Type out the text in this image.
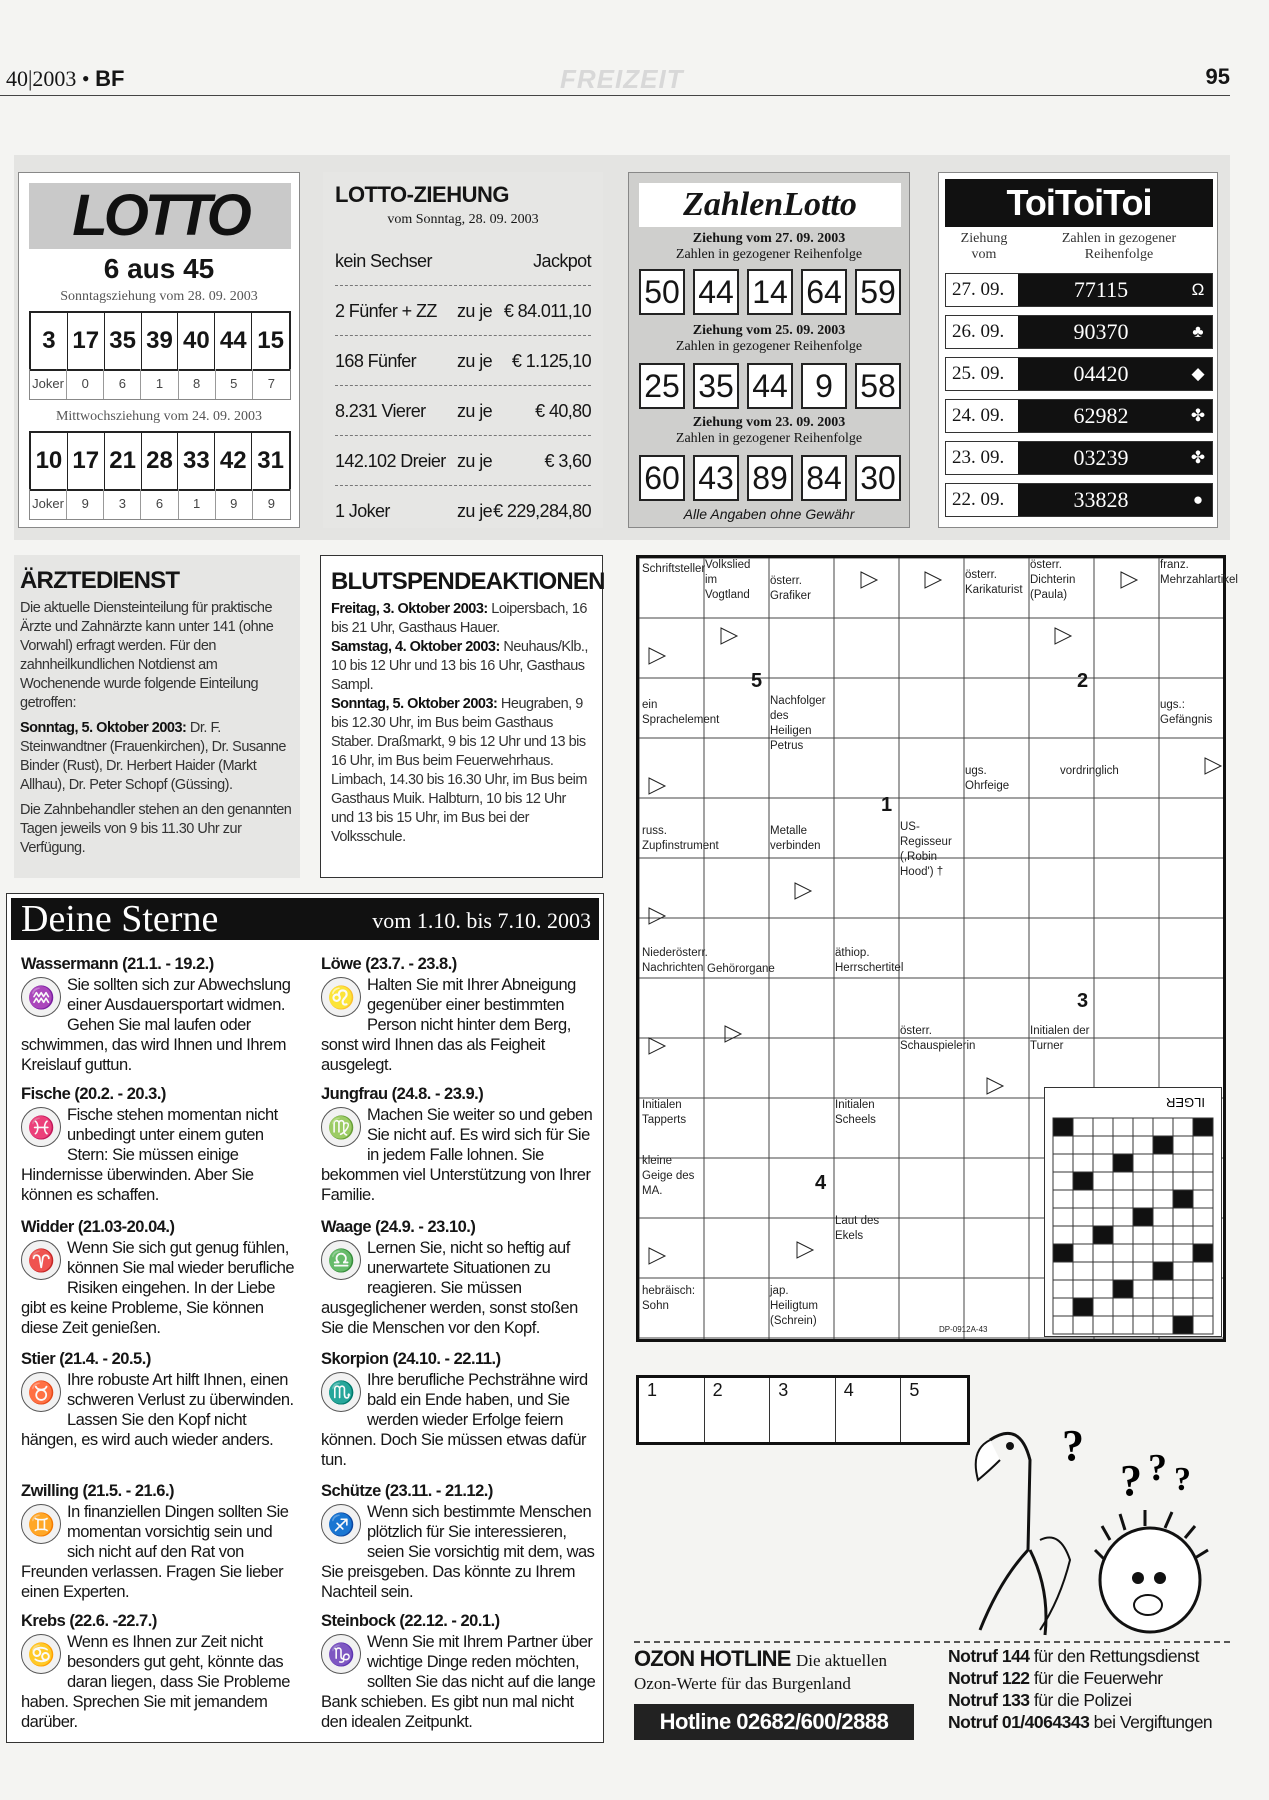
40|2003 • BF	FREIZEIT	95
LOTTO
6 aus 45
Sonntagsziehung vom 28. 09. 2003
3 17 35 39 40 44 15
Joker	0	6	1	8	5	7
Mittwochsziehung vom 24. 09. 2003
10 17 21 28 33 42 31
Joker	9	3	6	1	9	9
LOTTO-ZIEHUNG
vom Sonntag, 28. 09. 2003
kein Sechser	Jackpot
2 Fünfer + ZZ zu je € 84.011,10
168 Fünfer zu je € 1.125,10
8.231 Vierer zu je € 40,80
142.102 Dreier zu je	€ 3,60
1 Joker	zu je € 229,284,80
ZahlenLotto
Ziehung vom 27. 09. 2003
Zahlen in gezogener Reihenfolge
50 44 14 64 59
Ziehung vom 25. 09. 2003
Zahlen in gezogener Reihenfolge
25 35 44 9 58
Ziehung vom 23. 09. 2003
Zahlen in gezogener Reihenfolge
60 43 89 84 30
Alle Angaben ohne Gewähr
ToiToiToi
Ziehung vom
Zahlen in gezogener Reihenfolge
27. 09.	77115	Ω
26. 09.	90370	♣
25. 09.	04420	◆
24. 09.	62982	✤
23. 09.	03239	✤
22. 09.	33828	●
ÄRZTEDIENST

Die aktuelle Diensteinteilung für praktische Ärzte und Zahnärzte kann unter 141 (ohne Vorwahl) erfragt werden. Für den zahnheilkundlichen Notdienst am Wochenende wurde folgende Einteilung getroffen:

Sonntag, 5. Oktober 2003: Dr. F. Steinwandtner (Frauenkirchen), Dr. Susanne Binder (Rust), Dr. Herbert Haider (Markt Allhau), Dr. Peter Schopf (Güssing).

Die Zahnbehandler stehen an den genannten Tagen jeweils von 9 bis 11.30 Uhr zur Verfügung.

BLUTSPENDEAKTIONEN

Freitag, 3. Oktober 2003: Loipersbach, 16 bis 21 Uhr, Gasthaus Hauer.

Samstag, 4. Oktober 2003: Neuhaus/Klb., 10 bis 12 Uhr und 13 bis 16 Uhr, Gasthaus Sampl.

Sonntag, 5. Oktober 2003: Heugraben, 9 bis 12.30 Uhr, im Bus beim Gasthaus Staber. Draßmarkt, 9 bis 12 Uhr und 13 bis 16 Uhr, im Bus beim Feuerwehrhaus. Limbach, 14.30 bis 16.30 Uhr, im Bus beim Gasthaus Muik. Halbturn, 10 bis 12 Uhr und 13 bis 15 Uhr, im Bus bei der Volksschule.

Deine Sterne	vom 1.10. bis 7.10. 2003
Wassermann (21.1. - 19.2.)
♒ Sie sollten sich zur Abwechslung einer Ausdauersportart widmen. Gehen Sie mal laufen oder schwimmen, das wird Ihnen und Ihrem Kreislauf guttun.
Fische (20.2. - 20.3.)
♓ Fische stehen momentan nicht unbedingt unter einem guten Stern: Sie müssen einige Hindernisse überwinden. Aber Sie können es schaffen.
Widder (21.03-20.04.)
♈ Wenn Sie sich gut genug fühlen, können Sie mal wieder berufliche Risiken eingehen. In der Liebe gibt es keine Probleme, Sie können diese Zeit genießen.
Stier (21.4. - 20.5.)
♉ Ihre robuste Art hilft Ihnen, einen schweren Verlust zu überwinden. Lassen Sie den Kopf nicht hängen, es wird auch wieder anders.
Zwilling (21.5. - 21.6.)
♊ In finanziellen Dingen sollten Sie momentan vorsichtig sein und sich nicht auf den Rat von Freunden verlassen. Fragen Sie lieber einen Experten.
Krebs (22.6. -22.7.)
♋ Wenn es Ihnen zur Zeit nicht besonders gut geht, könnte das daran liegen, dass Sie Probleme haben. Sprechen Sie mit jemandem darüber.
Löwe (23.7. - 23.8.)
♌ Halten Sie mit Ihrer Abneigung gegenüber einer bestimmten Person nicht hinter dem Berg, sonst wird Ihnen das als Feigheit ausgelegt.
Jungfrau (24.8. - 23.9.)
♍ Machen Sie weiter so und geben Sie nicht auf. Es wird sich für Sie in jedem Falle lohnen. Sie bekommen viel Unterstützung von Ihrer Familie.
Waage (24.9. - 23.10.)
♎ Lernen Sie, nicht so heftig auf unerwartete Situationen zu reagieren. Sie müssen ausgeglichener werden, sonst stoßen Sie die Menschen vor den Kopf.
Skorpion (24.10. - 22.11.)
♏ Ihre berufliche Pechsträhne wird bald ein Ende haben, und Sie werden wieder Erfolge feiern können. Doch Sie müssen etwas dafür tun.
Schütze (23.11. - 21.12.)
♐ Wenn sich bestimmte Menschen plötzlich für Sie interessieren, seien Sie vorsichtig mit dem, was Sie preisgeben. Das könnte zu Ihrem Nachteil sein.
Steinbock (22.12. - 20.1.)
♑ Wenn Sie mit Ihrem Partner über wichtige Dinge reden möchten, sollten Sie das nicht auf die lange Bank schieben. Es gibt nun mal nicht den idealen Zeitpunkt.
Schriftsteller Volkslied im Vogtland
österr. Grafiker
österr. Karikaturist
österr. Dichterin (Paula)
franz. Mehrzahlartikel
ein Sprachelement
Nachfolger des Heiligen Petrus
ugs.: Gefängnis
ugs. Ohrfeige
vordringlich
russ. Zupfinstrument
Metalle verbinden
US-Regisseur (,Robin Hood') †
Niederösterr. Nachrichten Gehörorgane
äthiop. Herrschertitel
österr. Schauspielerin
Initialen der Turner
Initialen Tapperts
Initialen Scheels
kleine Geige des MA.
Laut des Ekels
hebräisch: Sohn
jap. Heiligtum (Schrein)
5	2
1
3
4
DP-0912A-43
ILGER
1	2	3	4	5
?
? ? ?
OZON HOTLINE Die aktuellen
Ozon-Werte für das Burgenland
Hotline 02682/600/2888
Notruf 144 für den Rettungsdienst
Notruf 122 für die Feuerwehr
Notruf 133 für die Polizei
Notruf 01/4064343 bei Vergiftungen
